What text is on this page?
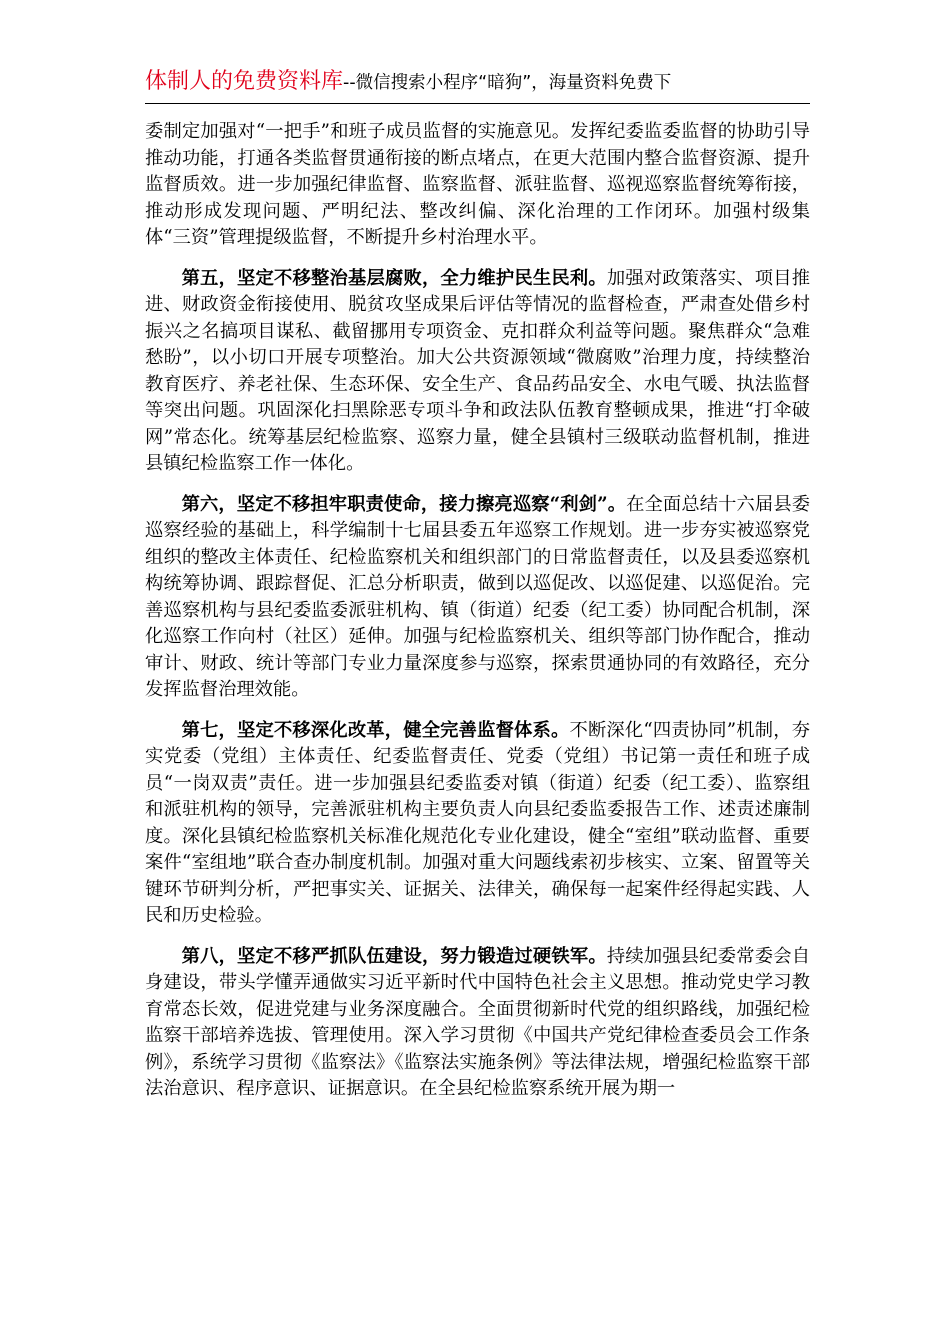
体制人的免费资料库--微信搜索小程序“暗狗”，海量资料免费下

委制定加强对“一把手”和班子成员监督的实施意见。发挥纪委监委监督的协助引导推动功能，打通各类监督贯通衔接的断点堵点，在更大范围内整合监督资源、提升监督质效。进一步加强纪律监督、监察监督、派驻监督、巡视巡察监督统筹衔接，推动形成发现问题、严明纪法、整改纠偏、深化治理的工作闭环。加强村级集体“三资”管理提级监督，不断提升乡村治理水平。

第五，坚定不移整治基层腐败，全力维护民生民利。加强对政策落实、项目推进、财政资金衔接使用、脱贫攻坚成果后评估等情况的监督检查，严肃查处借乡村振兴之名搞项目谋私、截留挪用专项资金、克扣群众利益等问题。聚焦群众“急难愁盼”，以小切口开展专项整治。加大公共资源领域“微腐败”治理力度，持续整治教育医疗、养老社保、生态环保、安全生产、食品药品安全、水电气暖、执法监督等突出问题。巩固深化扫黑除恶专项斗争和政法队伍教育整顿成果，推进“打伞破网”常态化。统筹基层纪检监察、巡察力量，健全县镇村三级联动监督机制，推进县镇纪检监察工作一体化。

第六，坚定不移担牢职责使命，接力擦亮巡察“利剑”。在全面总结十六届县委巡察经验的基础上，科学编制十七届县委五年巡察工作规划。进一步夯实被巡察党组织的整改主体责任、纪检监察机关和组织部门的日常监督责任，以及县委巡察机构统筹协调、跟踪督促、汇总分析职责，做到以巡促改、以巡促建、以巡促治。完善巡察机构与县纪委监委派驻机构、镇（街道）纪委（纪工委）协同配合机制，深化巡察工作向村（社区）延伸。加强与纪检监察机关、组织等部门协作配合，推动审计、财政、统计等部门专业力量深度参与巡察，探索贯通协同的有效路径，充分发挥监督治理效能。

第七，坚定不移深化改革，健全完善监督体系。不断深化“四责协同”机制，夯实党委（党组）主体责任、纪委监督责任、党委（党组）书记第一责任和班子成员“一岗双责”责任。进一步加强县纪委监委对镇（街道）纪委（纪工委）、监察组和派驻机构的领导，完善派驻机构主要负责人向县纪委监委报告工作、述责述廉制度。深化县镇纪检监察机关标准化规范化专业化建设，健全“室组”联动监督、重要案件“室组地”联合查办制度机制。加强对重大问题线索初步核实、立案、留置等关键环节研判分析，严把事实关、证据关、法律关，确保每一起案件经得起实践、人民和历史检验。

第八，坚定不移严抓队伍建设，努力锻造过硬铁军。持续加强县纪委常委会自身建设，带头学懂弄通做实习近平新时代中国特色社会主义思想。推动党史学习教育常态长效，促进党建与业务深度融合。全面贯彻新时代党的组织路线，加强纪检监察干部培养选拔、管理使用。深入学习贯彻《中国共产党纪律检查委员会工作条例》，系统学习贯彻《监察法》《监察法实施条例》等法律法规，增强纪检监察干部法治意识、程序意识、证据意识。在全县纪检监察系统开展为期一
